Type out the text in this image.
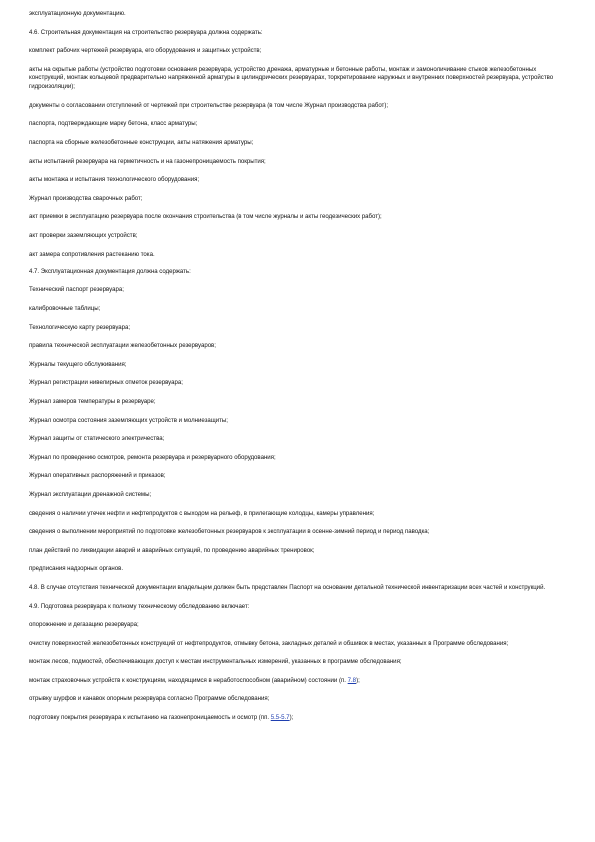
эксплуатационную документацию.

4.6. Строительная документация на строительство резервуара должна содержать:

комплект рабочих чертежей резервуара, его оборудования и защитных устройств;

акты на скрытые работы (устройство подготовки основания резервуара, устройство дренажа, арматурные и бетонные работы, монтаж и замоноличивание стыков железобетонных конструкций, монтаж кольцевой предварительно напряженной арматуры в цилиндрических резервуарах, торкретирование наружных и внутренних поверхностей резервуара, устройство гидроизоляции);

документы о согласовании отступлений от чертежей при строительстве резервуара (в том числе Журнал производства работ);

паспорта, подтверждающие марку бетона, класс арматуры;

паспорта на сборные железобетонные конструкции, акты натяжения арматуры;

акты испытаний резервуара на герметичность и на газонепроницаемость покрытия;

акты монтажа и испытания технологического оборудования;

Журнал производства сварочных работ;

акт приемки в эксплуатацию резервуара после окончания строительства (в том числе журналы и акты геодезических работ);

акт проверки заземляющих устройств;

акт замера сопротивления растеканию тока.

4.7. Эксплуатационная документация должна содержать:

Технический паспорт резервуара;

калибровочные таблицы;

Технологическую карту резервуара;

правила технической эксплуатации железобетонных резервуаров;

Журналы текущего обслуживания;

Журнал регистрации нивелирных отметок резервуара;

Журнал замеров температуры в резервуаре;

Журнал осмотра состояния заземляющих устройств и молниезащиты;

Журнал защиты от статического электричества;

Журнал по проведению осмотров, ремонта резервуара и резервуарного оборудования;

Журнал оперативных распоряжений и приказов;

Журнал эксплуатации дренажной системы;

сведения о наличии утечек нефти и нефтепродуктов с выходом на рельеф, в прилегающие колодцы, камеры управления;

сведения о выполнении мероприятий по подготовке железобетонных резервуаров к эксплуатации в осенне-зимний период и период паводка;

план действий по ликвидации аварий и аварийных ситуаций, по проведению аварийных тренировок;

предписания надзорных органов.

4.8. В случае отсутствия технической документации владельцем должен быть представлен Паспорт на основании детальной технической инвентаризации всех частей и конструкций.

4.9. Подготовка резервуара к полному техническому обследованию включает:

опорожнение и дегазацию резервуара;

очистку поверхностей железобетонных конструкций от нефтепродуктов, отмывку бетона, закладных деталей и обшивок в местах, указанных в Программе обследования;

монтаж лесов, подмостей, обеспечивающих доступ к местам инструментальных измерений, указанных в программе обследования;

монтаж страховочных устройств к конструкциям, находящимся в неработоспособном (аварийном) состоянии (п. 7.8);

отрывку шурфов и канавок опорным резервуара согласно Программе обследования;

подготовку покрытия резервуара к испытанию на газонепроницаемость и осмотр (пп. 5.5-5.7);
